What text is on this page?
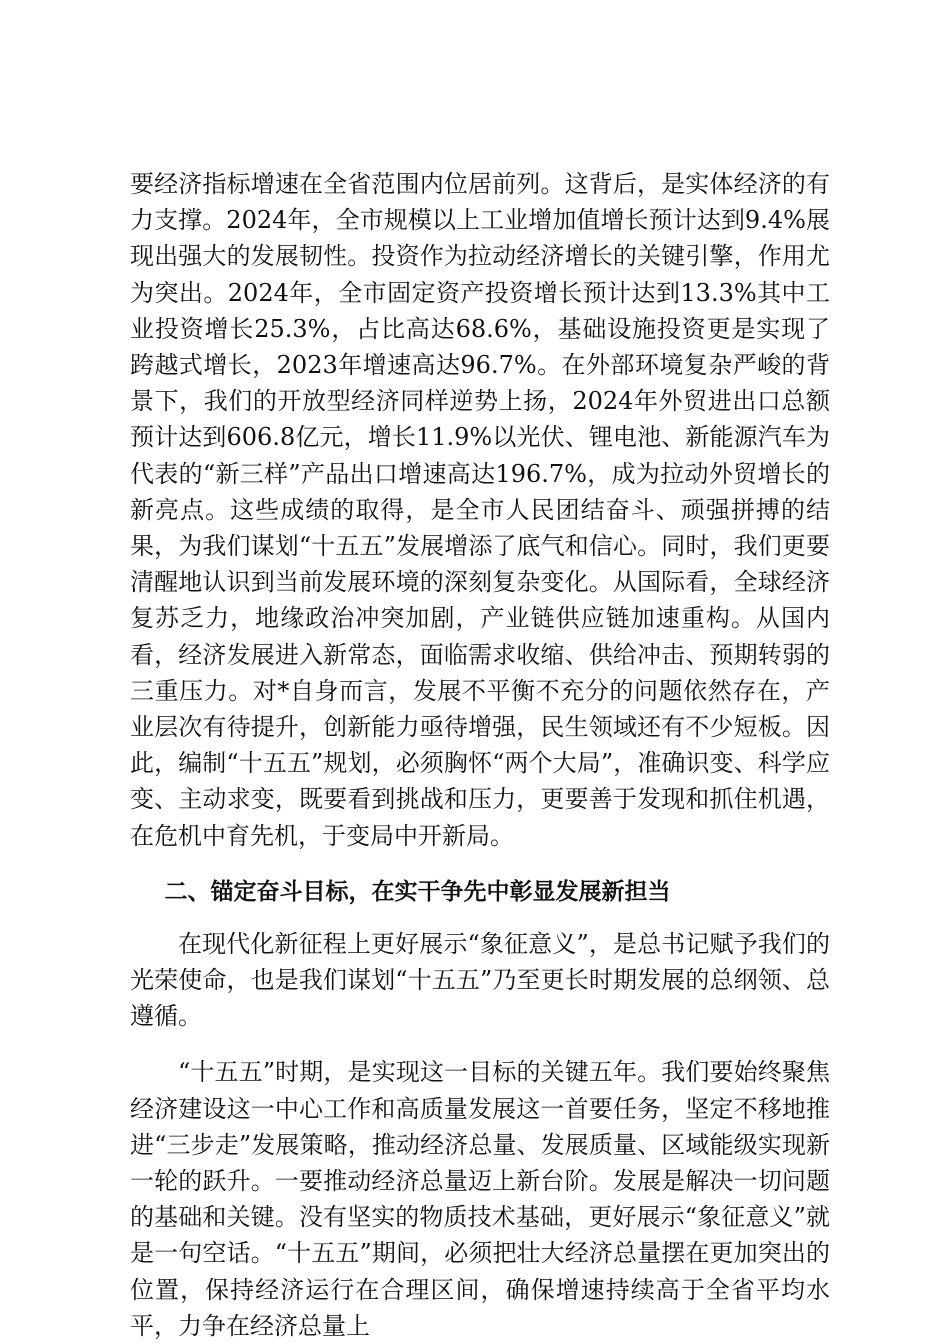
要经济指标增速在全省范围内位居前列。这背后，是实体经济的有力支撑。2024年，全市规模以上工业增加值增长预计达到9.4%展现出强大的发展韧性。投资作为拉动经济增长的关键引擎，作用尤为突出。2024年，全市固定资产投资增长预计达到13.3%其中工业投资增长25.3%，占比高达68.6%，基础设施投资更是实现了跨越式增长，2023年增速高达96.7%。在外部环境复杂严峻的背景下，我们的开放型经济同样逆势上扬，2024年外贸进出口总额预计达到606.8亿元，增长11.9%以光伏、锂电池、新能源汽车为代表的“新三样”产品出口增速高达196.7%，成为拉动外贸增长的新亮点。这些成绩的取得，是全市人民团结奋斗、顽强拼搏的结果，为我们谋划“十五五”发展增添了底气和信心。同时，我们更要清醒地认识到当前发展环境的深刻复杂变化。从国际看，全球经济复苏乏力，地缘政治冲突加剧，产业链供应链加速重构。从国内看，经济发展进入新常态，面临需求收缩、供给冲击、预期转弱的三重压力。对*自身而言，发展不平衡不充分的问题依然存在，产业层次有待提升，创新能力亟待增强，民生领域还有不少短板。因此，编制“十五五”规划，必须胸怀“两个大局”，准确识变、科学应变、主动求变，既要看到挑战和压力，更要善于发现和抓住机遇，在危机中育先机，于变局中开新局。

二、锚定奋斗目标，在实干争先中彰显发展新担当

在现代化新征程上更好展示“象征意义”，是总书记赋予我们的光荣使命，也是我们谋划“十五五”乃至更长时期发展的总纲领、总遵循。

“十五五”时期，是实现这一目标的关键五年。我们要始终聚焦经济建设这一中心工作和高质量发展这一首要任务，坚定不移地推进“三步走”发展策略，推动经济总量、发展质量、区域能级实现新一轮的跃升。一要推动经济总量迈上新台阶。发展是解决一切问题的基础和关键。没有坚实的物质技术基础，更好展示“象征意义”就是一句空话。“十五五”期间，必须把壮大经济总量摆在更加突出的位置，保持经济运行在合理区间，确保增速持续高于全省平均水平，力争在经济总量上
